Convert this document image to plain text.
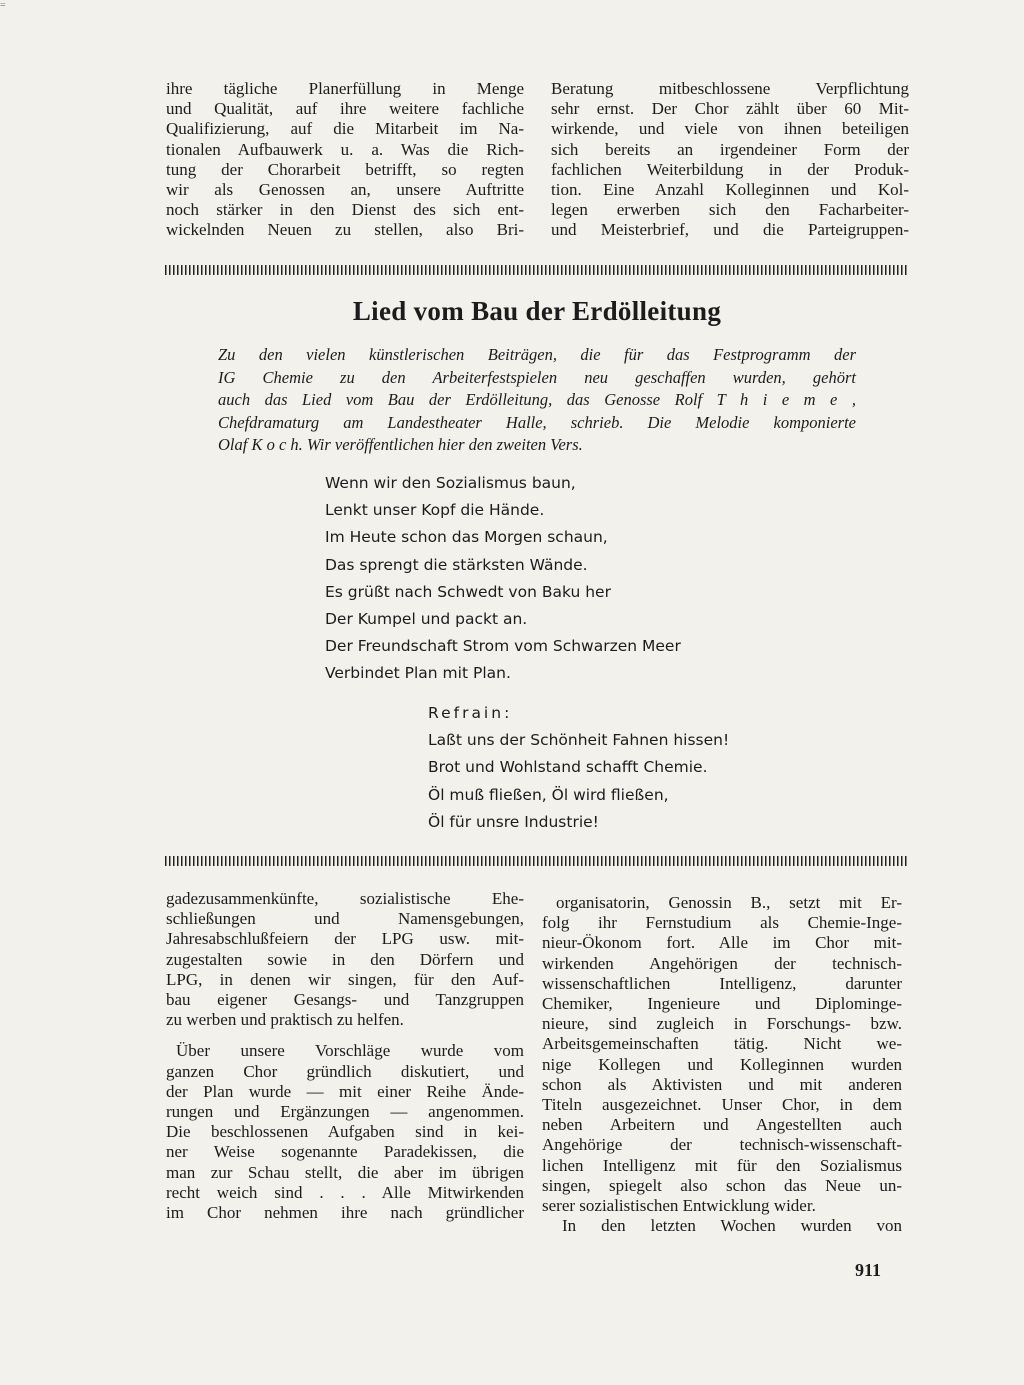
=
ihre tägliche Planerfüllung in Menge
und Qualität, auf ihre weitere fachliche
Qualifizierung, auf die Mitarbeit im Na-
tionalen Aufbauwerk u. a. Was die Rich-
tung der Chorarbeit betrifft, so regten
wir als Genossen an, unsere Auftritte
noch stärker in den Dienst des sich ent-
wickelnden Neuen zu stellen, also Bri-
Beratung mitbeschlossene Verpflichtung
sehr ernst. Der Chor zählt über 60 Mit-
wirkende, und viele von ihnen beteiligen
sich bereits an irgendeiner Form der
fachlichen Weiterbildung in der Produk-
tion. Eine Anzahl Kolleginnen und Kol-
legen erwerben sich den Facharbeiter-
und Meisterbrief, und die Parteigruppen-
Lied vom Bau der Erdölleitung
Zu den vielen künstlerischen Beiträgen, die für das Festprogramm der
IG Chemie zu den Arbeiterfestspielen neu geschaffen wurden, gehört
auch das Lied vom Bau der Erdölleitung, das Genosse Rolf T h i e m e ,
Chefdramaturg am Landestheater Halle, schrieb. Die Melodie komponierte
Olaf K o c h. Wir veröffentlichen hier den zweiten Vers.
Wenn wir den Sozialismus baun,
Lenkt unser Kopf die Hände.
Im Heute schon das Morgen schaun,
Das sprengt die stärksten Wände.
Es grüßt nach Schwedt von Baku her
Der Kumpel und packt an.
Der Freundschaft Strom vom Schwarzen Meer
Verbindet Plan mit Plan.
Refrain:
Laßt uns der Schönheit Fahnen hissen!
Brot und Wohlstand schafft Chemie.
Öl muß fließen, Öl wird fließen,
Öl für unsre Industrie!
gadezusammenkünfte, sozialistische Ehe-
schließungen und Namensgebungen,
Jahresabschlußfeiern der LPG usw. mit-
zugestalten sowie in den Dörfern und
LPG, in denen wir singen, für den Auf-
bau eigener Gesangs- und Tanzgruppen
zu werben und praktisch zu helfen.
Über unsere Vorschläge wurde vom
ganzen Chor gründlich diskutiert, und
der Plan wurde — mit einer Reihe Ände-
rungen und Ergänzungen — angenommen.
Die beschlossenen Aufgaben sind in kei-
ner Weise sogenannte Paradekissen, die
man zur Schau stellt, die aber im übrigen
recht weich sind . . . Alle Mitwirkenden
im Chor nehmen ihre nach gründlicher
organisatorin, Genossin B., setzt mit Er-
folg ihr Fernstudium als Chemie-Inge-
nieur-Ökonom fort. Alle im Chor mit-
wirkenden Angehörigen der technisch-
wissenschaftlichen Intelligenz, darunter
Chemiker, Ingenieure und Diplominge-
nieure, sind zugleich in Forschungs- bzw.
Arbeitsgemeinschaften tätig. Nicht we-
nige Kollegen und Kolleginnen wurden
schon als Aktivisten und mit anderen
Titeln ausgezeichnet. Unser Chor, in dem
neben Arbeitern und Angestellten auch
Angehörige der technisch-wissenschaft-
lichen Intelligenz mit für den Sozialismus
singen, spiegelt also schon das Neue un-
serer sozialistischen Entwicklung wider.
In den letzten Wochen wurden von
911
